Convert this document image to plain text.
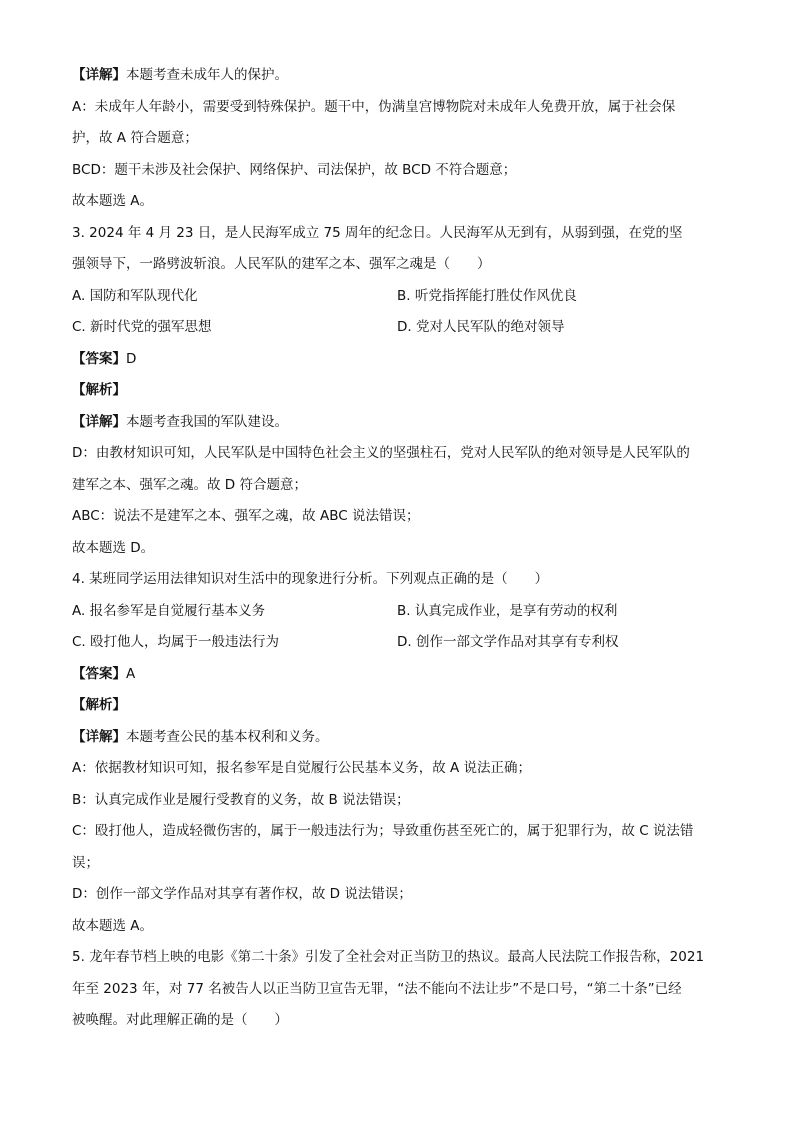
【详解】本题考查未成年人的保护。
A：未成年人年龄小，需要受到特殊保护。题干中，伪满皇宫博物院对未成年人免费开放，属于社会保
护，故 A 符合题意；
BCD：题干未涉及社会保护、网络保护、司法保护，故 BCD 不符合题意；
故本题选 A。
3. 2024 年 4 月 23 日，是人民海军成立 75 周年的纪念日。人民海军从无到有，从弱到强，在党的坚
强领导下，一路劈波斩浪。人民军队的建军之本、强军之魂是（　　）
A. 国防和军队现代化	B. 听党指挥能打胜仗作风优良
C. 新时代党的强军思想	D. 党对人民军队的绝对领导
【答案】D
【解析】
【详解】本题考查我国的军队建设。
D：由教材知识可知，人民军队是中国特色社会主义的坚强柱石，党对人民军队的绝对领导是人民军队的
建军之本、强军之魂。故 D 符合题意；
ABC：说法不是建军之本、强军之魂，故 ABC 说法错误；
故本题选 D。
4. 某班同学运用法律知识对生活中的现象进行分析。下列观点正确的是（　　）
A. 报名参军是自觉履行基本义务	B. 认真完成作业，是享有劳动的权利
C. 殴打他人，均属于一般违法行为	D. 创作一部文学作品对其享有专利权
【答案】A
【解析】
【详解】本题考查公民的基本权利和义务。
A：依据教材知识可知，报名参军是自觉履行公民基本义务，故 A 说法正确；
B：认真完成作业是履行受教育的义务，故 B 说法错误；
C：殴打他人，造成轻微伤害的，属于一般违法行为；导致重伤甚至死亡的，属于犯罪行为，故 C 说法错
误；
D：创作一部文学作品对其享有著作权，故 D 说法错误；
故本题选 A。
5. 龙年春节档上映的电影《第二十条》引发了全社会对正当防卫的热议。最高人民法院工作报告称，2021
年至 2023 年，对 77 名被告人以正当防卫宣告无罪，“法不能向不法让步”不是口号，“第二十条”已经
被唤醒。对此理解正确的是（　　）
